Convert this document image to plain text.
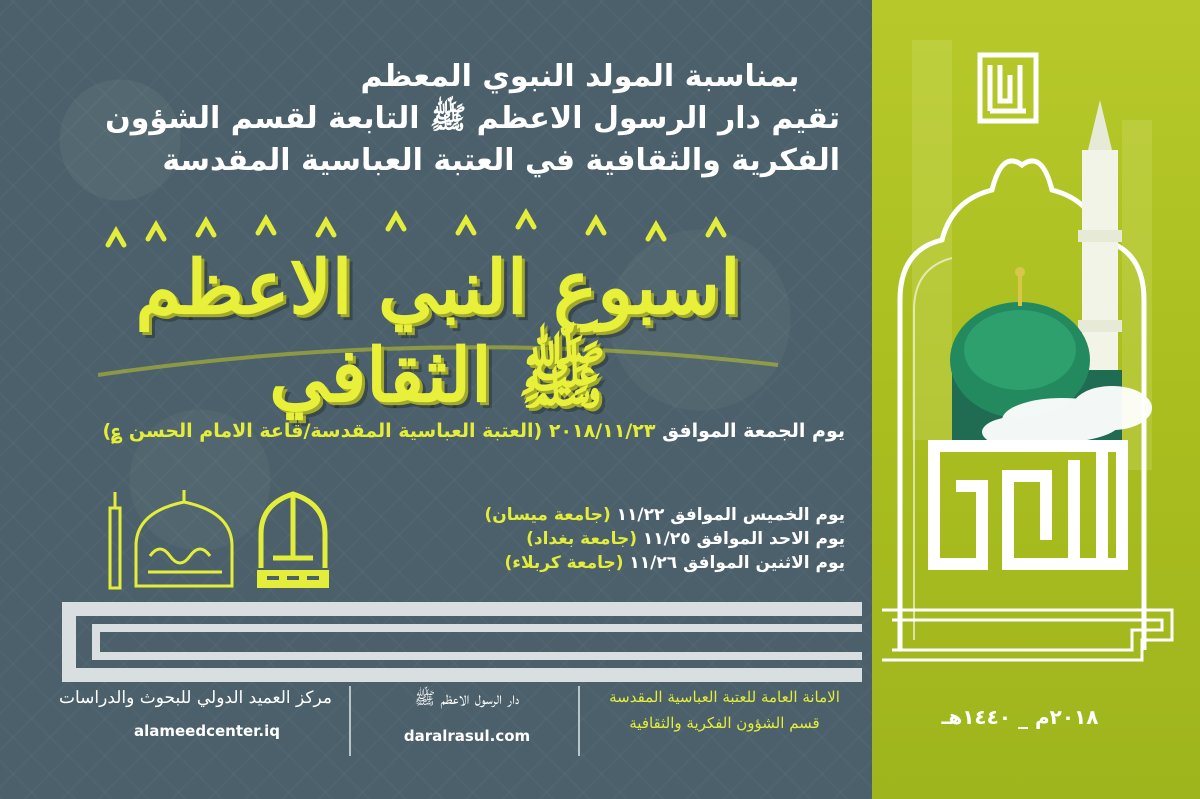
بمناسبة المولد النبوي المعظم
تقيم دار الرسول الاعظم ﷺ التابعة لقسم الشؤون
الفكرية والثقافية في العتبة العباسية المقدسة
اسبوع النبي الاعظم ﷺ الثقافي
يوم الجمعة الموافق ٢٠١٨/١١/٢٣ (العتبة العباسية المقدسة/قاعة الامام الحسن ؏)
يوم الخميس الموافق ١١/٢٢ (جامعة ميسان)
يوم الاحد الموافق ١١/٢٥ (جامعة بغداد)
يوم الاثنين الموافق ١١/٢٦ (جامعة كربلاء)
مركز العميد الدولي للبحوث والدراسات
alameedcenter.iq
دار الرسول الاعظم ﷺ
daralrasul.com
الامانة العامة للعتبة العباسية المقدسة
قسم الشؤون الفكرية والثقافية	٢٠١٨م _ ١٤٤٠هـ
